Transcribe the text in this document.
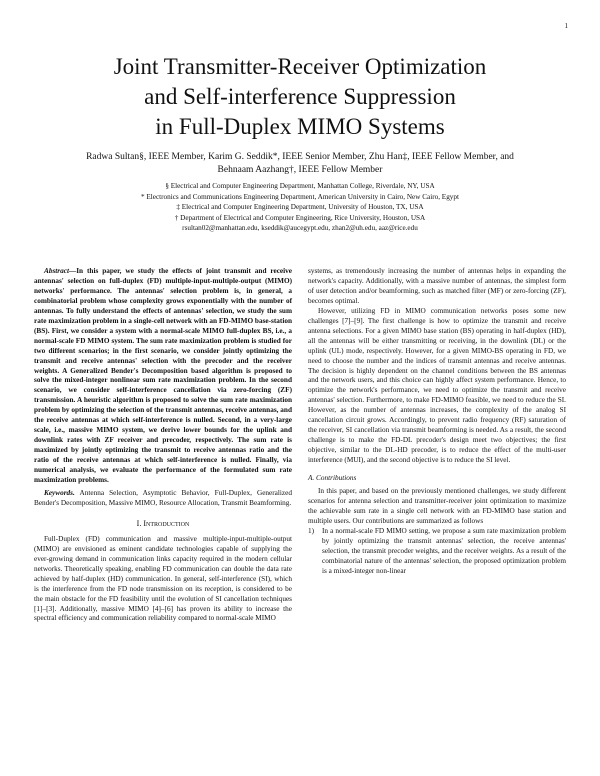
1
Joint Transmitter-Receiver Optimization
and Self-interference Suppression
in Full-Duplex MIMO Systems
Radwa Sultan§, IEEE Member, Karim G. Seddik*, IEEE Senior Member, Zhu Han‡, IEEE Fellow Member, and
Behnaam Aazhang†, IEEE Fellow Member
§ Electrical and Computer Engineering Department, Manhattan College, Riverdale, NY, USA
* Electronics and Communications Engineering Department, American University in Cairo, New Cairo, Egypt
‡ Electrical and Computer Engineering Department, University of Houston, TX, USA
† Department of Electrical and Computer Engineering, Rice University, Houston, USA
rsultan02@manhattan.edu, kseddik@aucegypt.edu, zhan2@uh.edu, aaz@rice.edu

Abstract—In this paper, we study the effects of joint transmit and receive antennas' selection on full-duplex (FD) multiple-input-multiple-output (MIMO) networks' performance. The antennas' selection problem is, in general, a combinatorial problem whose complexity grows exponentially with the number of antennas. To fully understand the effects of antennas' selection, we study the sum rate maximization problem in a single-cell network with an FD-MIMO base-station (BS). First, we consider a system with a normal-scale MIMO full-duplex BS, i.e., a normal-scale FD MIMO system. The sum rate maximization problem is studied for two different scenarios; in the first scenario, we consider jointly optimizing the transmit and receive antennas' selection with the precoder and the receiver weights. A Generalized Bender's Decomposition based algorithm is proposed to solve the mixed-integer nonlinear sum rate maximization problem. In the second scenario, we consider self-interference cancellation via zero-forcing (ZF) transmission. A heuristic algorithm is proposed to solve the sum rate maximization problem by optimizing the selection of the transmit antennas, receive antennas, and the receive antennas at which self-interference is nulled. Second, in a very-large scale, i.e., massive MIMO system, we derive lower bounds for the uplink and downlink rates with ZF receiver and precoder, respectively. The sum rate is maximized by jointly optimizing the transmit to receive antennas ratio and the ratio of the receive antennas at which self-interference is nulled. Finally, via numerical analysis, we evaluate the performance of the formulated sum rate maximization problems.

Keywords. Antenna Selection, Asymptotic Behavior, Full-Duplex, Generalized Bender's Decomposition, Massive MIMO, Resource Allocation, Transmit Beamforming.

I. Introduction

Full-Duplex (FD) communication and massive multiple-input-multiple-output (MIMO) are envisioned as eminent candidate technologies capable of supplying the ever-growing demand in communication links capacity required in the modern cellular networks. Theoretically speaking, enabling FD communication can double the data rate achieved by half-duplex (HD) communication. In general, self-interference (SI), which is the interference from the FD node transmission on its reception, is considered to be the main obstacle for the FD feasibility until the evolution of SI cancellation techniques [1]–[3]. Additionally, massive MIMO [4]–[6] has proven its ability to increase the spectral efficiency and communication reliability compared to normal-scale MIMO

systems, as tremendously increasing the number of antennas helps in expanding the network's capacity. Additionally, with a massive number of antennas, the simplest form of user detection and/or beamforming, such as matched filter (MF) or zero-forcing (ZF), becomes optimal.

However, utilizing FD in MIMO communication networks poses some new challenges [7]–[9]. The first challenge is how to optimize the transmit and receive antenna selections. For a given MIMO base station (BS) operating in half-duplex (HD), all the antennas will be either transmitting or receiving, in the downlink (DL) or the uplink (UL) mode, respectively. However, for a given MIMO-BS operating in FD, we need to choose the number and the indices of transmit antennas and receive antennas. The decision is highly dependent on the channel conditions between the BS antennas and the network users, and this choice can highly affect system performance. Hence, to optimize the network's performance, we need to optimize the transmit and receive antennas' selection. Furthermore, to make FD-MIMO feasible, we need to reduce the SI. However, as the number of antennas increases, the complexity of the analog SI cancellation circuit grows. Accordingly, to prevent radio frequency (RF) saturation of the receiver, SI cancellation via transmit beamforming is needed. As a result, the second challenge is to make the FD-DL precoder's design meet two objectives; the first objective, similar to the DL-HD precoder, is to reduce the effect of the multi-user interference (MUI), and the second objective is to reduce the SI level.

A. Contributions

In this paper, and based on the previously mentioned challenges, we study different scenarios for antenna selection and transmitter-receiver joint optimization to maximize the achievable sum rate in a single cell network with an FD-MIMO base station and multiple users. Our contributions are summarized as follows

1)	In a normal-scale FD MIMO setting, we propose a sum rate maximization problem by jointly optimizing the transmit antennas' selection, the receive antennas' selection, the transmit precoder weights, and the receiver weights. As a result of the combinatorial nature of the antennas' selection, the proposed optimization problem is a mixed-integer non-linear
